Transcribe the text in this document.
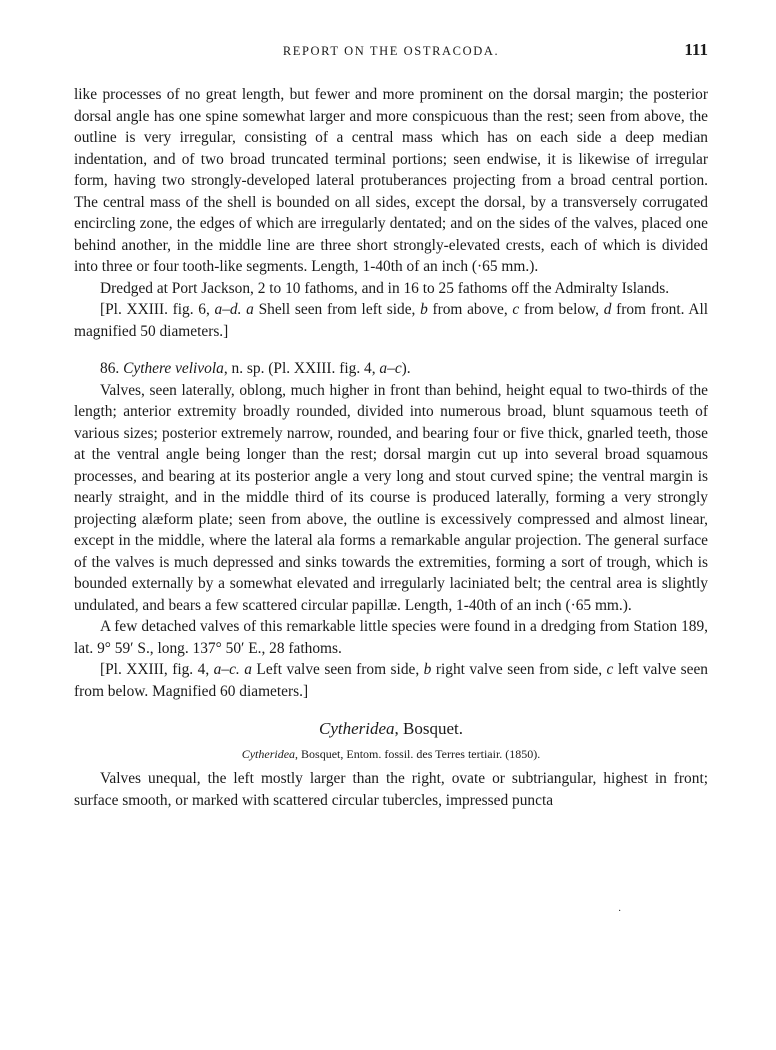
REPORT ON THE OSTRACODA.	111

like processes of no great length, but fewer and more prominent on the dorsal margin; the posterior dorsal angle has one spine somewhat larger and more conspicuous than the rest; seen from above, the outline is very irregular, consisting of a central mass which has on each side a deep median indentation, and of two broad truncated terminal portions; seen endwise, it is likewise of irregular form, having two strongly-developed lateral protuberances projecting from a broad central portion. The central mass of the shell is bounded on all sides, except the dorsal, by a transversely corrugated encircling zone, the edges of which are irregularly dentated; and on the sides of the valves, placed one behind another, in the middle line are three short strongly-elevated crests, each of which is divided into three or four tooth-like segments. Length, 1-40th of an inch (·65 mm.).

Dredged at Port Jackson, 2 to 10 fathoms, and in 16 to 25 fathoms off the Admiralty Islands.

[Pl. XXIII. fig. 6, a–d. a Shell seen from left side, b from above, c from below, d from front. All magnified 50 diameters.]

86. Cythere velivola, n. sp. (Pl. XXIII. fig. 4, a–c).

Valves, seen laterally, oblong, much higher in front than behind, height equal to two-thirds of the length; anterior extremity broadly rounded, divided into numerous broad, blunt squamous teeth of various sizes; posterior extremely narrow, rounded, and bearing four or five thick, gnarled teeth, those at the ventral angle being longer than the rest; dorsal margin cut up into several broad squamous processes, and bearing at its posterior angle a very long and stout curved spine; the ventral margin is nearly straight, and in the middle third of its course is produced laterally, forming a very strongly projecting alæform plate; seen from above, the outline is excessively compressed and almost linear, except in the middle, where the lateral ala forms a remarkable angular projection. The general surface of the valves is much depressed and sinks towards the extremities, forming a sort of trough, which is bounded externally by a somewhat elevated and irregularly laciniated belt; the central area is slightly undulated, and bears a few scattered circular papillæ. Length, 1-40th of an inch (·65 mm.).

A few detached valves of this remarkable little species were found in a dredging from Station 189, lat. 9° 59′ S., long. 137° 50′ E., 28 fathoms.

[Pl. XXIII, fig. 4, a–c. a Left valve seen from side, b right valve seen from side, c left valve seen from below. Magnified 60 diameters.]

Cytheridea, Bosquet.
Cytheridea, Bosquet, Entom. fossil. des Terres tertiair. (1850).

Valves unequal, the left mostly larger than the right, ovate or subtriangular, highest in front; surface smooth, or marked with scattered circular tubercles, impressed puncta

·
